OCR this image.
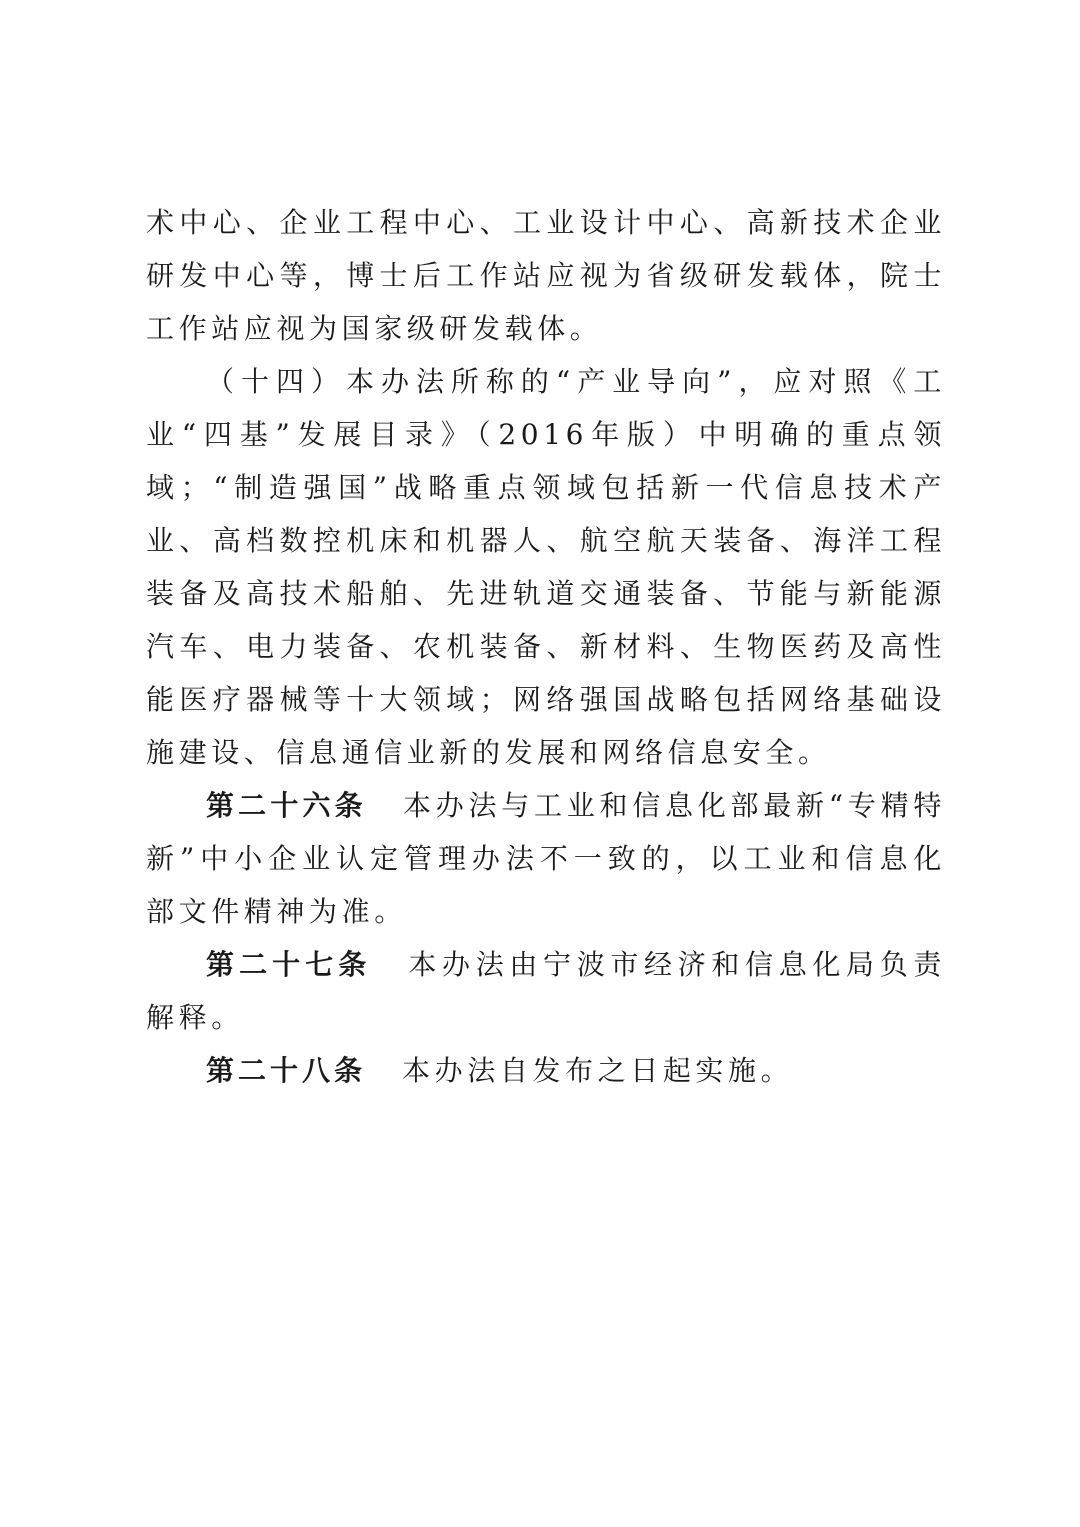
术中心、企业工程中心、工业设计中心、高新技术企业研发中心等，博士后工作站应视为省级研发载体，院士工作站应视为国家级研发载体。

（十四）本办法所称的“产业导向”，应对照《工业“四基”发展目录》（2016年版）中明确的重点领域；“制造强国”战略重点领域包括新一代信息技术产业、高档数控机床和机器人、航空航天装备、海洋工程装备及高技术船舶、先进轨道交通装备、节能与新能源汽车、电力装备、农机装备、新材料、生物医药及高性能医疗器械等十大领域；网络强国战略包括网络基础设施建设、信息通信业新的发展和网络信息安全。

第二十六条 本办法与工业和信息化部最新“专精特新”中小企业认定管理办法不一致的，以工业和信息化部文件精神为准。

第二十七条 本办法由宁波市经济和信息化局负责解释。

第二十八条 本办法自发布之日起实施。
